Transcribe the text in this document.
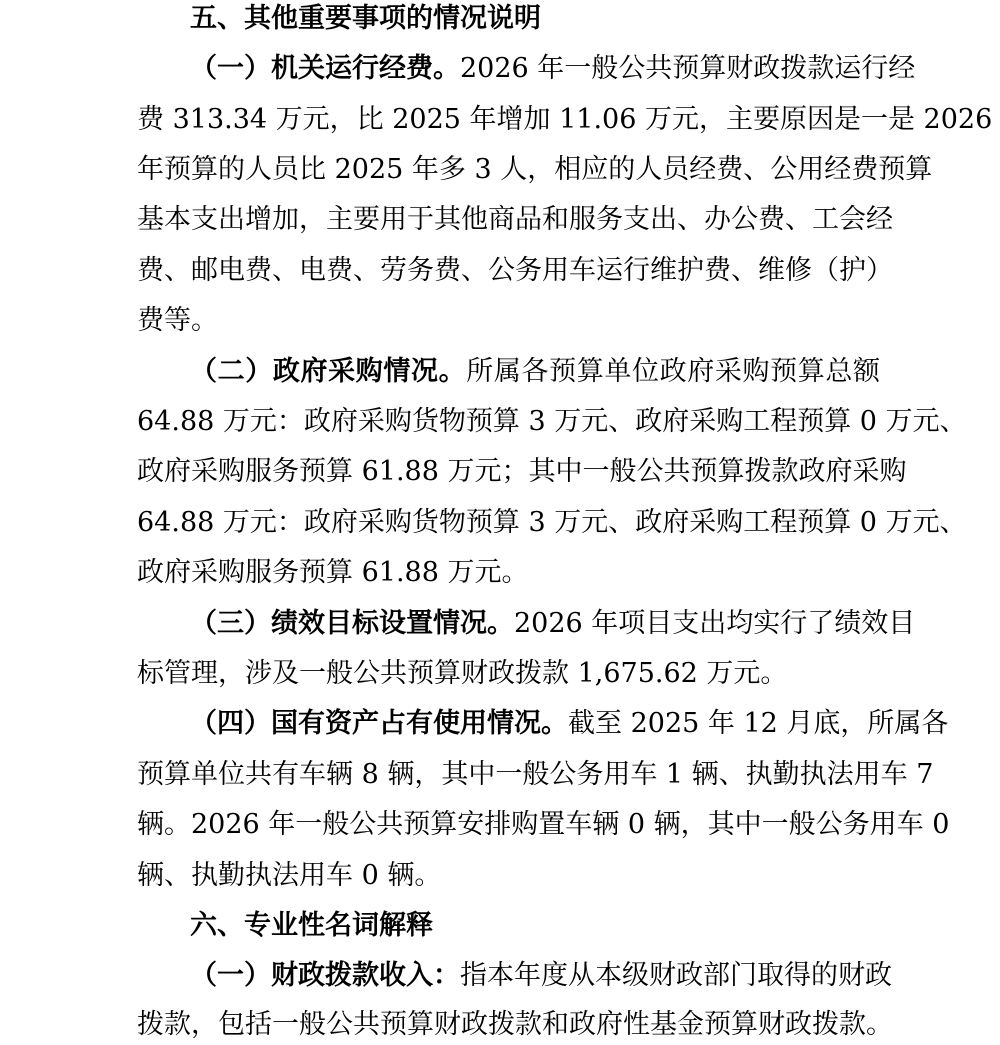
五、其他重要事项的情况说明
（一）机关运行经费。2026 年一般公共预算财政拨款运行经
费 313.34 万元，比 2025 年增加 11.06 万元，主要原因是一是 2026
年预算的人员比 2025 年多 3 人，相应的人员经费、公用经费预算
基本支出增加，主要用于其他商品和服务支出、办公费、工会经
费、邮电费、电费、劳务费、公务用车运行维护费、维修（护）
费等。
（二）政府采购情况。所属各预算单位政府采购预算总额
64.88 万元：政府采购货物预算 3 万元、政府采购工程预算 0 万元、
政府采购服务预算 61.88 万元；其中一般公共预算拨款政府采购
64.88 万元：政府采购货物预算 3 万元、政府采购工程预算 0 万元、
政府采购服务预算 61.88 万元。
（三）绩效目标设置情况。2026 年项目支出均实行了绩效目
标管理，涉及一般公共预算财政拨款 1,675.62 万元。
（四）国有资产占有使用情况。截至 2025 年 12 月底，所属各
预算单位共有车辆 8 辆，其中一般公务用车 1 辆、执勤执法用车 7
辆。2026 年一般公共预算安排购置车辆 0 辆，其中一般公务用车 0
辆、执勤执法用车 0 辆。
六、专业性名词解释
（一）财政拨款收入：指本年度从本级财政部门取得的财政
拨款，包括一般公共预算财政拨款和政府性基金预算财政拨款。
